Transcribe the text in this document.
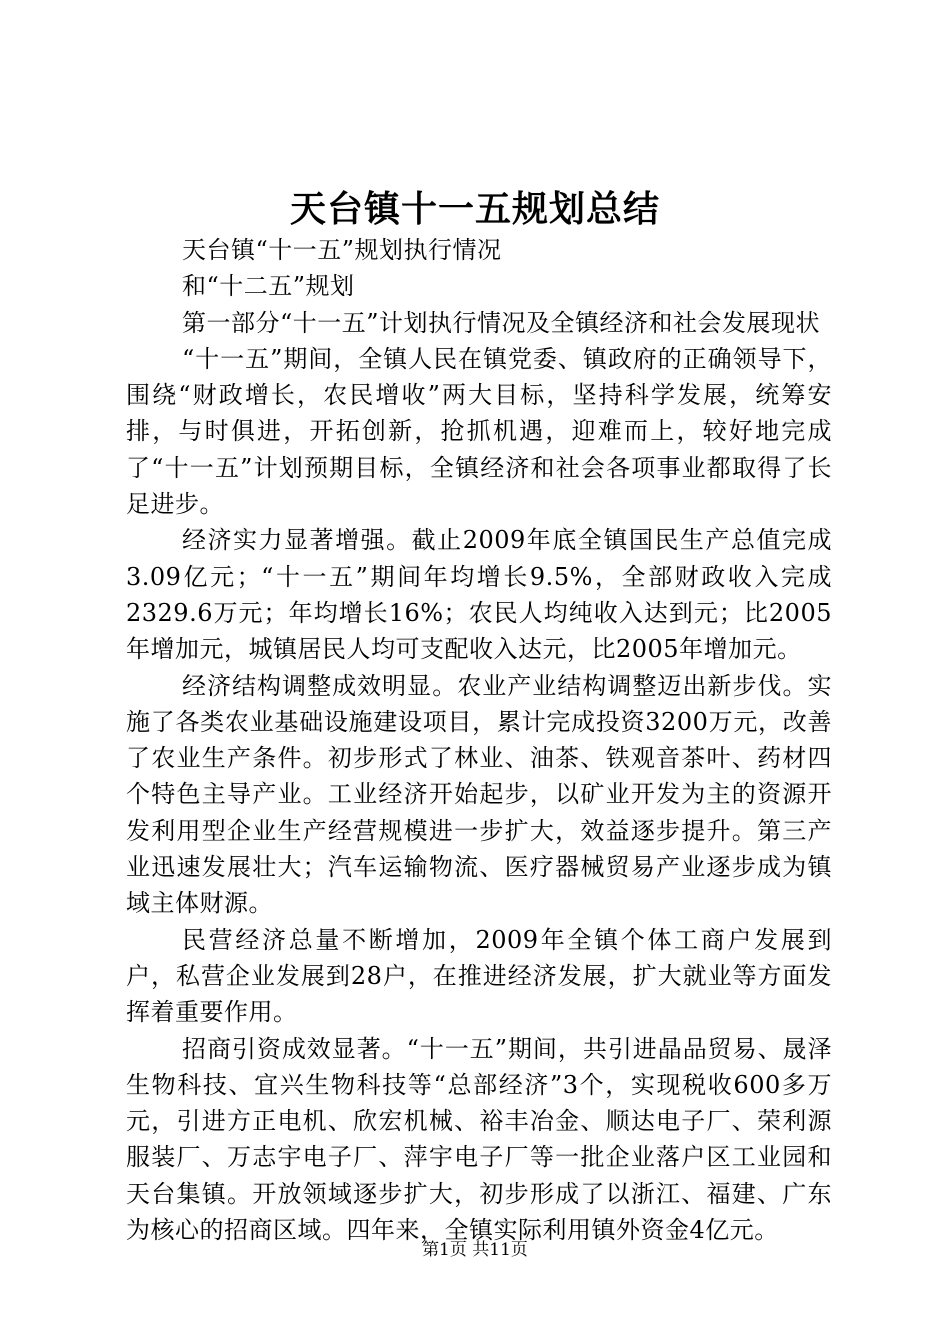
天台镇十一五规划总结

天台镇“十一五”规划执行情况

和“十二五”规划

第一部分“十一五”计划执行情况及全镇经济和社会发展现状

“十一五”期间，全镇人民在镇党委、镇政府的正确领导下，围绕“财政增长，农民增收”两大目标，坚持科学发展，统筹安排，与时俱进，开拓创新，抢抓机遇，迎难而上，较好地完成了“十一五”计划预期目标，全镇经济和社会各项事业都取得了长足进步。

经济实力显著增强。截止2009年底全镇国民生产总值完成3.09亿元；“十一五”期间年均增长9.5%，全部财政收入完成2329.6万元；年均增长16%；农民人均纯收入达到元；比2005年增加元，城镇居民人均可支配收入达元，比2005年增加元。

经济结构调整成效明显。农业产业结构调整迈出新步伐。实施了各类农业基础设施建设项目，累计完成投资3200万元，改善了农业生产条件。初步形式了林业、油茶、铁观音茶叶、药材四个特色主导产业。工业经济开始起步，以矿业开发为主的资源开发利用型企业生产经营规模进一步扩大，效益逐步提升。第三产业迅速发展壮大；汽车运输物流、医疗器械贸易产业逐步成为镇域主体财源。

民营经济总量不断增加，2009年全镇个体工商户发展到户，私营企业发展到28户，在推进经济发展，扩大就业等方面发挥着重要作用。

招商引资成效显著。“十一五”期间，共引进晶品贸易、晟泽生物科技、宜兴生物科技等“总部经济”3个，实现税收600多万元，引进方正电机、欣宏机械、裕丰冶金、顺达电子厂、荣利源服装厂、万志宇电子厂、萍宇电子厂等一批企业落户区工业园和天台集镇。开放领域逐步扩大，初步形成了以浙江、福建、广东为核心的招商区域。四年来，全镇实际利用镇外资金4亿元。

第1页 共11页
